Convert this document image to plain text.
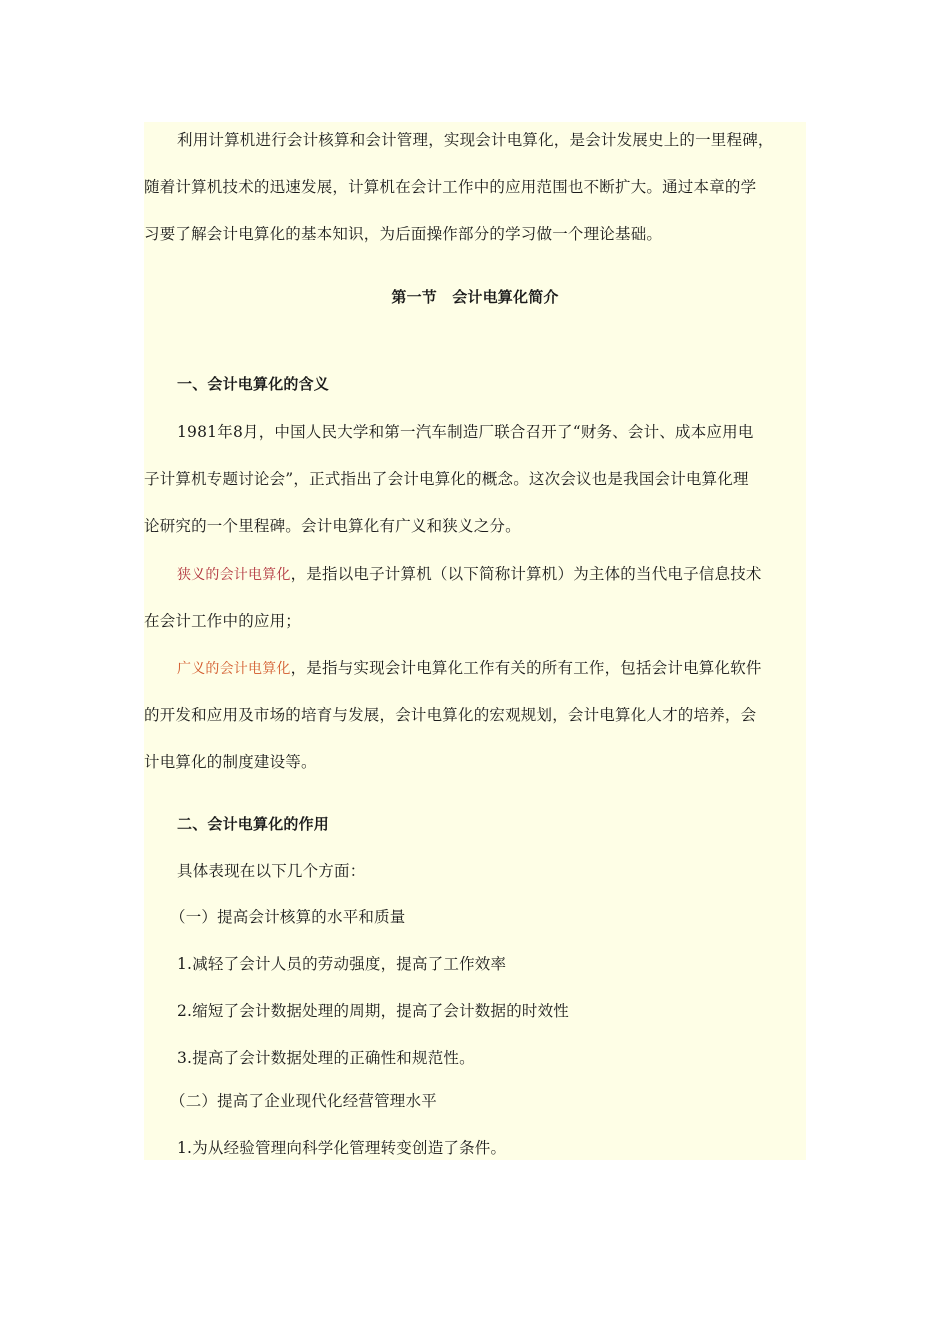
利用计算机进行会计核算和会计管理，实现会计电算化，是会计发展史上的一里程碑，
随着计算机技术的迅速发展，计算机在会计工作中的应用范围也不断扩大。通过本章的学
习要了解会计电算化的基本知识，为后面操作部分的学习做一个理论基础。
第一节　会计电算化简介
一、会计电算化的含义
1981年8月，中国人民大学和第一汽车制造厂联合召开了“财务、会计、成本应用电
子计算机专题讨论会”，正式指出了会计电算化的概念。这次会议也是我国会计电算化理
论研究的一个里程碑。会计电算化有广义和狭义之分。
狭义的会计电算化，是指以电子计算机（以下简称计算机）为主体的当代电子信息技术
在会计工作中的应用；
广义的会计电算化，是指与实现会计电算化工作有关的所有工作，包括会计电算化软件
的开发和应用及市场的培育与发展，会计电算化的宏观规划，会计电算化人才的培养，会
计电算化的制度建设等。
二、会计电算化的作用
具体表现在以下几个方面：
（一）提高会计核算的水平和质量
1.减轻了会计人员的劳动强度，提高了工作效率
2.缩短了会计数据处理的周期，提高了会计数据的时效性
3.提高了会计数据处理的正确性和规范性。
（二）提高了企业现代化经营管理水平
1.为从经验管理向科学化管理转变创造了条件。
